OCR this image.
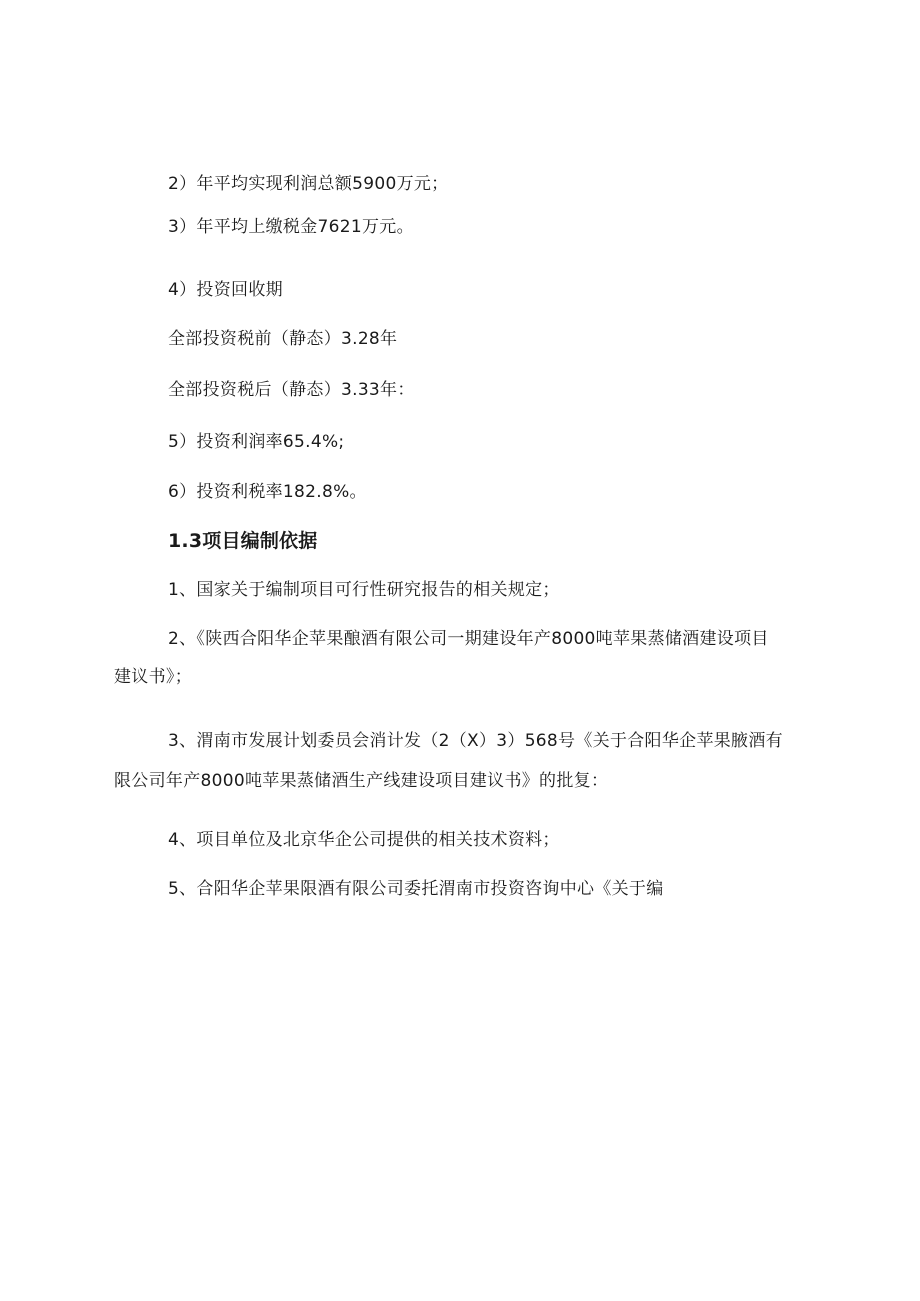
2）年平均实现利润总额5900万元；
3）年平均上缴税金7621万元。
4）投资回收期
全部投资税前（静态）3.28年
全部投资税后（静态）3.33年：
5）投资利润率65.4%;
6）投资利税率182.8%。
1.3项目编制依据
1、国家关于编制项目可行性研究报告的相关规定；
2、《陕西合阳华企苹果酿酒有限公司一期建设年产8000吨苹果蒸储酒建设项目
建议书》；
3、渭南市发展计划委员会消计发（2（X）3）568号《关于合阳华企苹果腋酒有
限公司年产8000吨苹果蒸储酒生产线建设项目建议书》的批复：
4、项目单位及北京华企公司提供的相关技术资料；
5、合阳华企苹果限酒有限公司委托渭南市投资咨询中心《关于编
